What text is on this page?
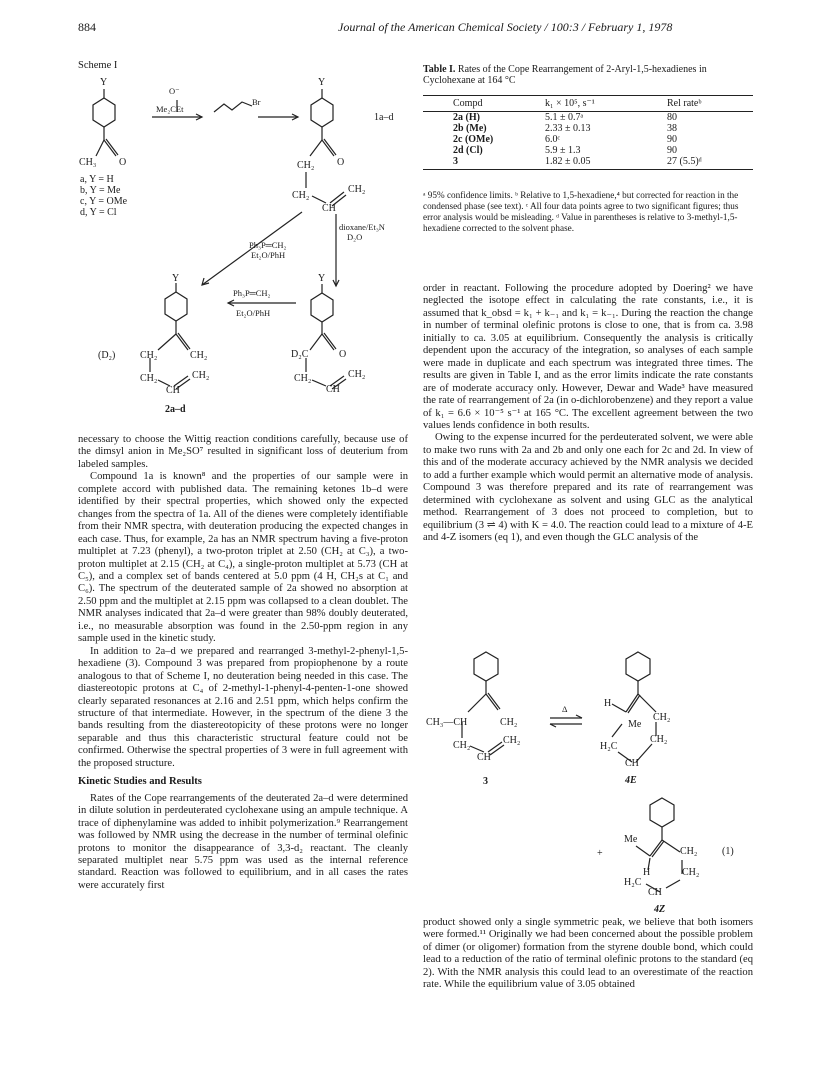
884	Journal of the American Chemical Society / 100:3 / February 1, 1978
Scheme I
Y
CH₃ O
a, Y = H
b, Y = Me
c, Y = OMe
d, Y = Cl
O⁻
Me₂CEt
Br
Y
1a–d
CH₂ O
CH₂
CH₂
CH
dioxane/Et₃N
D₂O
Ph₃P═CH₂
Et₂O/PhH
Ph₃P═CH₂
Et₂O/PhH
Y	Y
(D₂) CH₂	CH₂
CH₂	CH₂
CH
2a–d
D₂C	O
CH₂	CH₂
CH
Table I. Rates of the Cope Rearrangement of 2-Aryl-1,5-hexadienes in Cyclohexane at 164 °C
Compd	k₁ × 10⁵, s⁻¹	Rel rateᵇ
2a (H)	5.1 ± 0.7ᵃ	80
2b (Me)	2.33 ± 0.13	38
2c (OMe)	6.0ᶜ	90
2d (Cl)	5.9 ± 1.3	90
3	1.82 ± 0.05	27 (5.5)ᵈ
ᵃ 95% confidence limits. ᵇ Relative to 1,5-hexadiene,⁴ but corrected for reaction in the condensed phase (see text). ᶜ All four data points agree to two significant figures; thus error analysis would be misleading. ᵈ Value in parentheses is relative to 3-methyl-1,5-hexadiene corrected to the solvent phase.

necessary to choose the Wittig reaction conditions carefully, because use of the dimsyl anion in Me₂SO⁷ resulted in significant loss of deuterium from labeled samples.

Compound 1a is known⁸ and the properties of our sample were in complete accord with published data. The remaining ketones 1b–d were identified by their spectral properties, which showed only the expected changes from the spectra of 1a. All of the dienes were completely identifiable from their NMR spectra, with deuteration producing the expected changes in each case. Thus, for example, 2a has an NMR spectrum having a five-proton multiplet at 7.23 (phenyl), a two-proton triplet at 2.50 (CH₂ at C₃), a two-proton multiplet at 2.15 (CH₂ at C₄), a single-proton multiplet at 5.73 (CH at C₅), and a complex set of bands centered at 5.0 ppm (4 H, CH₂s at C₁ and C₆). The spectrum of the deuterated sample of 2a showed no absorption at 2.50 ppm and the multiplet at 2.15 ppm was collapsed to a clean doublet. The NMR analyses indicated that 2a–d were greater than 98% doubly deuterated, i.e., no measurable absorption was found in the 2.50-ppm region in any sample used in the kinetic study.

In addition to 2a–d we prepared and rearranged 3-methyl-2-phenyl-1,5-hexadiene (3). Compound 3 was prepared from propiophenone by a route analogous to that of Scheme I, no deuteration being needed in this case. The diastereotopic protons at C₄ of 2-methyl-1-phenyl-4-penten-1-one showed clearly separated resonances at 2.16 and 2.51 ppm, which helps confirm the structure of that intermediate. However, in the spectrum of the diene 3 the bands resulting from the diastereotopicity of these protons were no longer separable and thus this characteristic structural feature could not be confirmed. Otherwise the spectral properties of 3 were in full agreement with the proposed structure.

Kinetic Studies and Results

Rates of the Cope rearrangements of the deuterated 2a–d were determined in dilute solution in perdeuterated cyclohexane using an ampule technique. A trace of diphenylamine was added to inhibit polymerization.⁹ Rearrangement was followed by NMR using the decrease in the number of terminal olefinic protons to monitor the disappearance of 3,3-d₂ reactant. The cleanly separated multiplet near 5.75 ppm was used as the internal reference standard. Reaction was followed to equilibrium, and in all cases the rates were accurately first

order in reactant. Following the procedure adopted by Doering² we have neglected the isotope effect in calculating the rate constants, i.e., it is assumed that k_obsd = k₁ + k₋₁ and k₁ = k₋₁. During the reaction the change in number of terminal olefinic protons is close to one, that is from ca. 3.98 initially to ca. 3.05 at equilibrium. Consequently the analysis is critically dependent upon the accuracy of the integration, so analyses of each sample were made in duplicate and each spectrum was integrated three times. The results are given in Table I, and as the error limits indicate the rate constants are of moderate accuracy only. However, Dewar and Wade³ have measured the rate of rearrangement of 2a (in o-dichlorobenzene) and they report a value of k₁ = 6.6 × 10⁻⁵ s⁻¹ at 165 °C. The excellent agreement between the two values lends confidence in both results.

Owing to the expense incurred for the perdeuterated solvent, we were able to make two runs with 2a and 2b and only one each for 2c and 2d. In view of this and of the moderate accuracy achieved by the NMR analysis we decided to add a further example which would permit an alternative mode of analysis. Compound 3 was therefore prepared and its rate of rearrangement was determined with cyclohexane as solvent and using GLC as the analytical method. Rearrangement of 3 does not proceed to completion, but to equilibrium (3 ⇌ 4) with K = 4.0. The reaction could lead to a mixture of 4-E and 4-Z isomers (eq 1), and even though the GLC analysis of the

CH₃—CH	CH₂
CH₂	CH₂
CH
3
Δ	H
CH₂
Me
CH₂
H₂C
CH
4E
Me
+	CH₂ (1)
H	CH₂
H₂C
CH
4Z

product showed only a single symmetric peak, we believe that both isomers were formed.¹¹ Originally we had been concerned about the possible problem of dimer (or oligomer) formation from the styrene double bond, which could lead to a reduction of the ratio of terminal olefinic protons to the standard (eq 2). With the NMR analysis this could lead to an overestimate of the reaction rate. While the equilibrium value of 3.05 obtained
